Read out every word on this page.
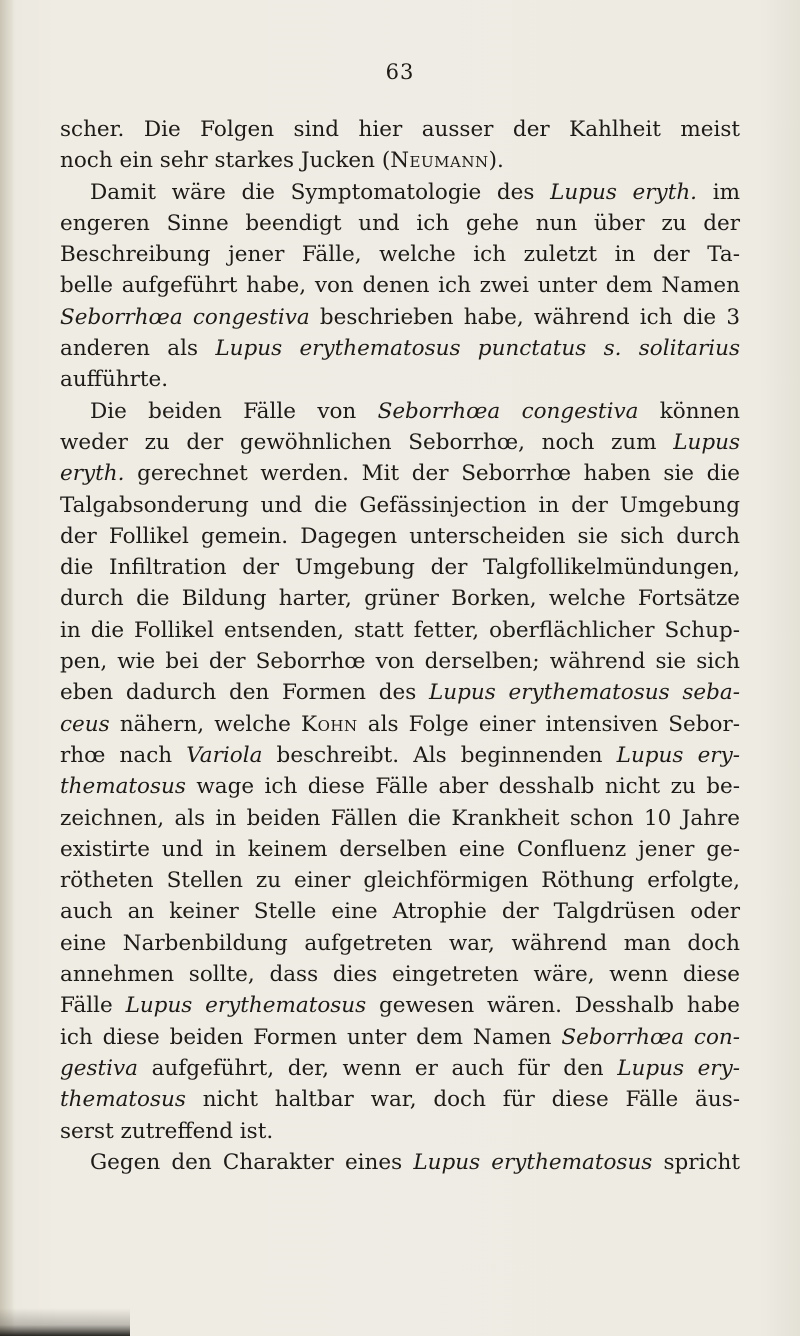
63
scher. Die Folgen sind hier ausser der Kahlheit meist
noch ein sehr starkes Jucken (Neumann).
Damit wäre die Symptomatologie des Lupus eryth. im
engeren Sinne beendigt und ich gehe nun über zu der
Beschreibung jener Fälle, welche ich zuletzt in der Ta-
belle aufgeführt habe, von denen ich zwei unter dem Namen
Seborrhœa congestiva beschrieben habe, während ich die 3
anderen als Lupus erythematosus punctatus s. solitarius
aufführte.
Die beiden Fälle von Seborrhœa congestiva können
weder zu der gewöhnlichen Seborrhœ, noch zum Lupus
eryth. gerechnet werden. Mit der Seborrhœ haben sie die
Talgabsonderung und die Gefässinjection in der Umgebung
der Follikel gemein. Dagegen unterscheiden sie sich durch
die Infiltration der Umgebung der Talgfollikelmündungen,
durch die Bildung harter, grüner Borken, welche Fortsätze
in die Follikel entsenden, statt fetter, oberflächlicher Schup-
pen, wie bei der Seborrhœ von derselben; während sie sich
eben dadurch den Formen des Lupus erythematosus seba-
ceus nähern, welche Kohn als Folge einer intensiven Sebor-
rhœ nach Variola beschreibt. Als beginnenden Lupus ery-
thematosus wage ich diese Fälle aber desshalb nicht zu be-
zeichnen, als in beiden Fällen die Krankheit schon 10 Jahre
existirte und in keinem derselben eine Confluenz jener ge-
rötheten Stellen zu einer gleichförmigen Röthung erfolgte,
auch an keiner Stelle eine Atrophie der Talgdrüsen oder
eine Narbenbildung aufgetreten war, während man doch
annehmen sollte, dass dies eingetreten wäre, wenn diese
Fälle Lupus erythematosus gewesen wären. Desshalb habe
ich diese beiden Formen unter dem Namen Seborrhœa con-
gestiva aufgeführt, der, wenn er auch für den Lupus ery-
thematosus nicht haltbar war, doch für diese Fälle äus-
serst zutreffend ist.
Gegen den Charakter eines Lupus erythematosus spricht
